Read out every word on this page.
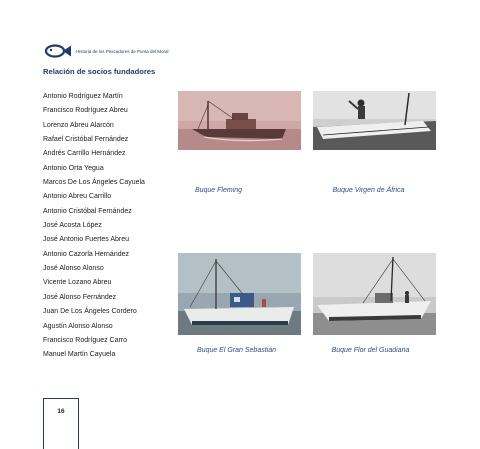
Historia de los Pescadores de Punta del Moral
Relación de socios fundadores
Antonio Rodríguez Martín
Francisco Rodríguez Abreu
Lorenzo Abreu Alarcón
Rafael Cristóbal Fernández
Andrés Carrillo Hernández
Antonio Orta Yegua
Marcos De Los Ángeles Cayuela
Antonio Abreu Carrillo
Antonio Cristóbal Fernández
José Acosta López
José Antonio Fuertes Abreu
Antonio Cazorla Hernández
José Alonso Alonso
Vicente Lozano Abreu
José Alonso Fernández
Juan De Los Ángeles Cordero
Agustín Alonso Alonso
Francisco Rodríguez Carro
Manuel Martín Cayuela
Buque Fleming	Buque Virgen de África
Buque El Gran Sebastián	Buque Flor del Guadiana
16
